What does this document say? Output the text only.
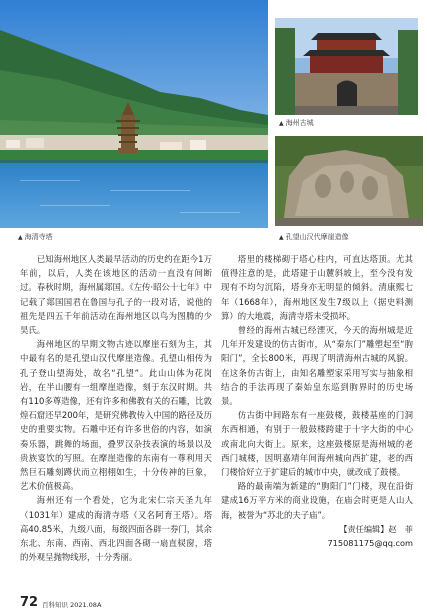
▲ 海州古城
▲ 孔望山汉代摩崖造像
▲ 海清寺塔

已知海州地区人类最早活动的历史约在距今1万年前，以后，人类在该地区的活动一直没有间断过。春秋时期，海州属郯国。《左传·昭公十七年》中记载了郯国国君在鲁国与孔子的一段对话，说他的祖先是四五千年前活动在海州地区以鸟为图腾的少昊氏。

海州地区的早期文物古迹以摩崖石刻为主，其中最有名的是孔望山汉代摩崖造像。孔望山相传为孔子登山望海处，故名“孔望”。此山山体为花岗岩，在半山腰有一组摩崖造像，刻于东汉时期。共有110多尊造像，还有许多和佛教有关的石雕，比敦煌石窟还早200年，是研究佛教传入中国的路径及历史的重要实物。石雕中还有许多世俗的内容，如演奏乐器，跳舞的场面，叠罗汉杂技表演的场景以及贵族宴饮的写照。在摩崖造像的东南有一尊利用天然巨石雕刻蹲伏而立栩栩如生，十分传神的巨象，艺术价值极高。

海州还有一个看处，它为北宋仁宗天圣九年（1031年）建成的海清寺塔（又名阿育王塔）。塔高40.85米，九级八面，每级四面各辟一券门，其余东北、东南、西南、西北四面各砌一扇直棂窗，塔的外观呈抛物线形，十分秀丽。

塔里的楼梯砌于塔心柱内，可直达塔顶。尤其值得注意的是，此塔建于山麓斜坡上，至今没有发现有不均匀沉陷，塔身亦无明显的倾斜。清康熙七年（1668年），海州地区发生7级以上（据史料测算）的大地震，海清寺塔未受损坏。

曾经的海州古城已经湮灭，今天的海州城是近几年开发建设的仿古街市，从“秦东门”雕塑起至“朐阳门”，全长800米，再现了明清海州古城的风貌。在这条仿古街上，由知名雕塑家采用写实与抽象相结合的手法再现了秦始皇东巡到朐界时的历史场景。

仿古街中间路东有一座鼓楼，鼓楼基座的门洞东西相通，有别于一般鼓楼跨建于十字大街的中心或南北向大街上。原来，这座鼓楼原是海州城的老西门城楼，因明嘉靖年间海州城向西扩建，老的西门楼恰好立于扩建后的城市中央，就改成了鼓楼。

路的最南端为新建的“朐阳门”门楼，现在沿街建成16万平方米的商业设施，在庙会时更是人山人海，被誉为“苏北的夫子庙”。

【责任编辑】赵　菲
715081175@qq.com
72 百科知识 2021.08A
